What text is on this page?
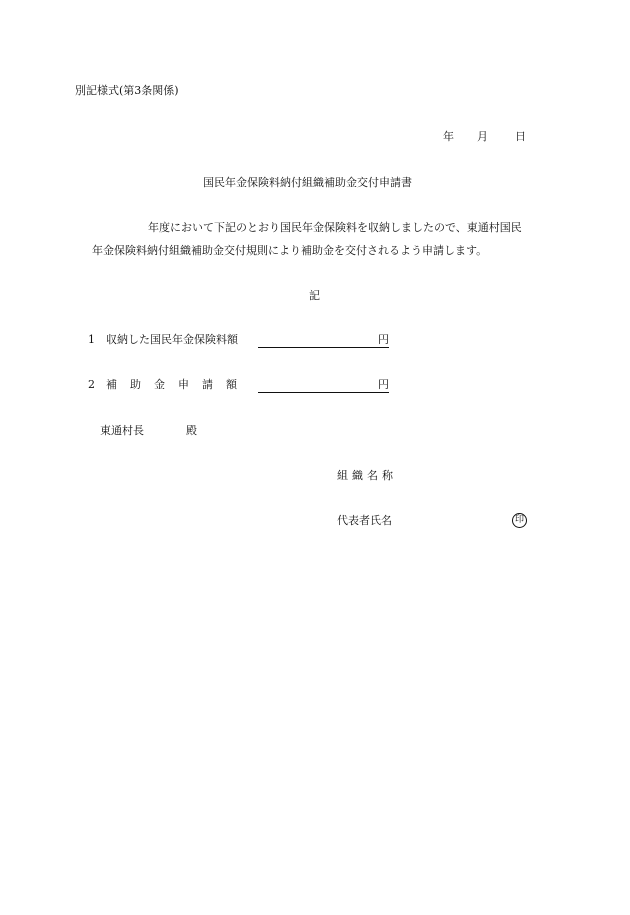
別記様式(第3条関係)
年 月 日
国民年金保険料納付組織補助金交付申請書
年度において下記のとおり国民年金保険料を収納しましたので、東通村国民
年金保険料納付組織補助金交付規則により補助金を交付されるよう申請します。
記
1 収納した国民年金保険料額	円
2 補助金申請額	円
東通村長	殿
組織名称
代表者氏名	印
